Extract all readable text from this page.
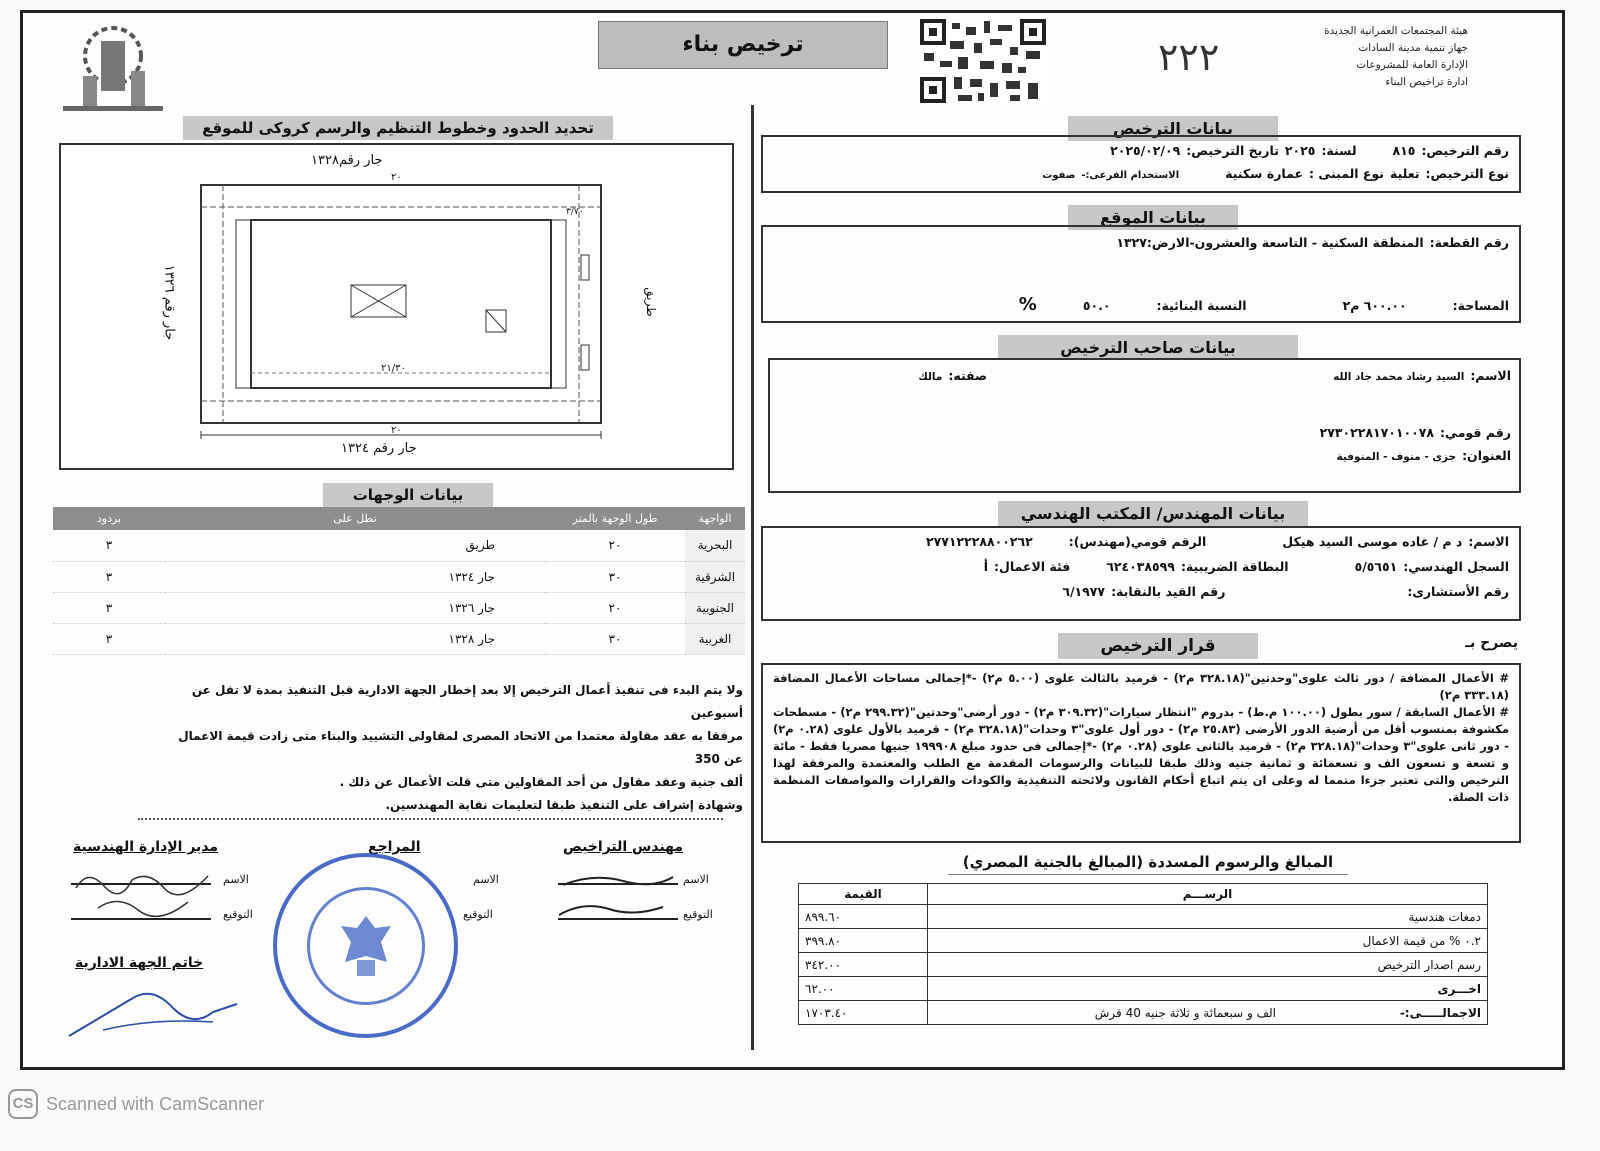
ترخيص بناء	٢٢٢
هيئة المجتمعات العمرانية الجديدة
جهاز تنمية مدينة السادات
الإدارة العامة للمشروعات
ادارة تراخيص البناء
بيانات الترخيص
رقم الترخيص:
٨١٥
لسنة:
٢٠٢٥
تاريخ الترخيص:
٢٠٢٥/٠٢/٠٩
نوع الترخيص:
تعلية
نوع المبنى :
عمارة سكنية
الاستخدام الفرعى:-
صفوت
بيانات الموقع
رقم القطعة:
المنطقة السكنية - التاسعة والعشرون-الارض:١٣٢٧
المساحة:
٦٠٠.٠٠ م٢
النسبة البنائية:
٥٠.٠
%
بيانات صاحب الترخيص
الاسم:
السيد رشاد محمد جاد الله
صفته:
مالك
رقم قومي:
٢٧٣٠٢٢٨١٧٠١٠٠٧٨
العنوان:
جزى - منوف - المنوفية
بيانات المهندس/ المكتب الهندسي
الاسم:
د م / غاده موسى السيد هيكل
الرقم قومي(مهندس):
٢٧٧١٢٢٢٨٨٠٠٢٦٢
السجل الهندسي:
٥/٥٦٥١
البطاقة الضريبية:
٦٢٤٠٣٨٥٩٩
فئة الاعمال:
أ
رقم الأستشارى:
رقم القيد بالنقابة:
٦/١٩٧٧
يصرح بـ
قرار الترخيص
# الأعمال المضافة / دور ثالث علوى"وحدتين"(٣٢٨.١٨ م٢) - قرميد بالثالث علوى (٥.٠٠ م٢) -*إجمالى مساحات الأعمال المضافة (٣٣٣.١٨ م٢)
# الأعمال السابقة / سور بطول (١٠٠.٠٠ م.ط) - بدروم "انتظار سيارات"(٣٠٩.٣٢ م٢) - دور أرضى"وحدتين"(٢٩٩.٣٢ م٢) - مسطحات مكشوفة بمنسوب أقل من أرضية الدور الأرضى (٢٥.٨٣ م٢) - دور أول علوى"٣ وحدات"(٣٢٨.١٨ م٢) - قرميد بالأول علوى (٠.٢٨ م٢) - دور ثانى علوى"٣ وحدات"(٣٢٨.١٨ م٢) - قرميد بالثانى علوى (٠.٢٨ م٢) -*إجمالى فى حدود مبلغ ١٩٩٩٠٨ جنيها مصريا فقط - مائة و تسعة و تسعون الف و تسعمائة و ثمانية جنيه وذلك طبقا للبيانات والرسومات المقدمة مع الطلب والمعتمدة والمرفقة لهذا الترخيص والتى تعتبر جزءا متمما له وعلى ان يتم اتباع أحكام القانون ولائحته التنفيذية والكودات والقرارات والمواصفات المنظمة ذات الصلة.
المبالغ والرسوم المسددة (المبالغ بالجنية المصري)
الرســـم	القيمة
دمغات هندسية	٨٩٩.٦٠
٠.٢ % من قيمة الاعمال	٣٩٩.٨٠
رسم اصدار الترخيص	٣٤٢.٠٠
اخـــرى	٦٢.٠٠
الاجمالـــــى:- الف و سبعمائة و ثلاثة جنيه 40 قرش	١٧٠٣.٤٠
تحديد الحدود وخطوط التنظيم والرسم كروكى للموقع
جار رقم١٣٢٨
جار رقم ١٣٢٤
جار رقم ١٣٢٦	طريق
٢٠
٢٠
٢١/٣٠
٣/٧٠
بيانات الوجهات
الواجهة	طول الوجهة بالمتر	تطل على	بردود
البحرية	٢٠	طريق	٣
الشرقية	٣٠	جار ١٣٢٤	٣
الجنوبية	٢٠	جار ١٣٢٦	٣
الغربية	٣٠	جار ١٣٢٨	٣
ولا يتم البدء فى تنفيذ أعمال الترخيص إلا بعد إخطار الجهة الادارية قبل التنفيذ بمدة لا تقل عن أسبوعين
مرفقا به عقد مقاولة معتمدا من الاتحاد المصرى لمقاولى التشييد والبناء متى زادت قيمة الاعمال عن 350
ألف جنية وعقد مقاول من أحد المقاولين متى قلت الأعمال عن ذلك .
وشهادة إشراف على التنفيذ طبقا لتعليمات نقابة المهندسين.
مهندس التراخيص
المراجع
مدير الإدارة الهندسية
الاسم
التوقيع
الاسم
التوقيع
الاسم
التوقيع
خاتم الجهة الادارية
CS Scanned with CamScanner
